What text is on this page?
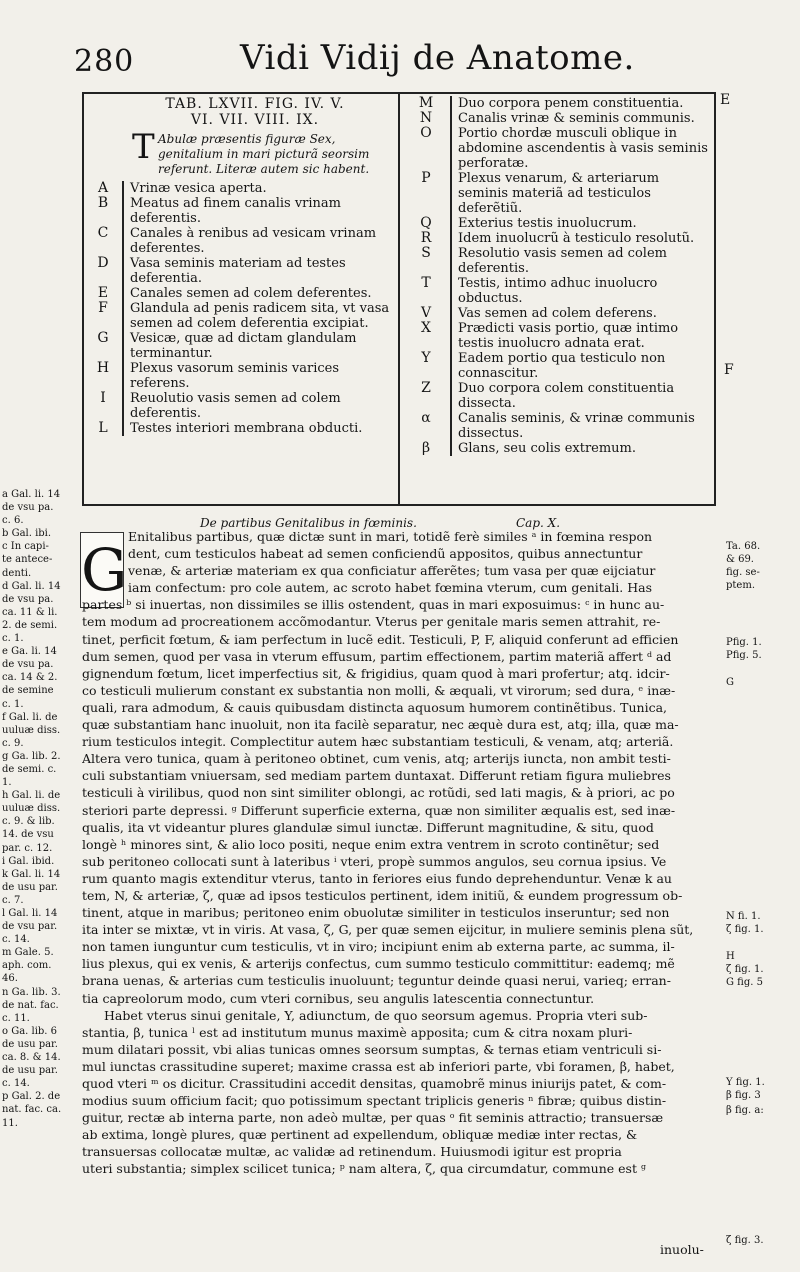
280	Vidi Vidij de Anatome.
E
F
TAB. LXVII. FIG. IV. V.
VI. VII. VIII. IX.
T Abulæ præsentis figuræ Sex, genitalium in mari picturã seorsim referunt. Literæ autem sic habent.
A	Vrinæ vesica aperta.
B	Meatus ad finem canalis vrinam deferentis.
C	Canales à renibus ad vesicam vrinam deferentes.
D	Vasa seminis materiam ad testes deferentia.
E	Canales semen ad colem deferentes.
F	Glandula ad penis radicem sita, vt vasa semen ad colem deferentia excipiat.
G	Vesicæ, quæ ad dictam glandulam terminantur.
H	Plexus vasorum seminis varices referens.
I	Reuolutio vasis semen ad colem deferentis.
L	Testes interiori membrana obducti.
M	Duo corpora penem constituentia.
N	Canalis vrinæ & seminis communis.
O	Portio chordæ musculi oblique in abdomine ascendentis à vasis seminis perforatæ.
P	Plexus venarum, & arteriarum seminis materiã ad testiculos deferẽtiũ.
Q	Exterius testis inuolucrum.
R	Idem inuolucrũ à testiculo resolutũ.
S	Resolutio vasis semen ad colem deferentis.
T	Testis, intimo adhuc inuolucro obductus.
V	Vas semen ad colem deferens.
X	Prædicti vasis portio, quæ intimo testis inuolucro adnata erat.
Y	Eadem portio qua testiculo non connascitur.
Z	Duo corpora colem constituentia dissecta.
α	Canalis seminis, & vrinæ communis dissectus.
β	Glans, seu colis extremum.
a Gal. li. 14
de vsu pa.
c. 6.
b Gal. ibi.
c In capi-
te antece-
denti.
d Gal. li. 14
de vsu pa.
ca. 11 & li.
2. de semi.
c. 1.
e Ga. li. 14
de vsu pa.
ca. 14 & 2.
de semine
c. 1.
f Gal. li. de
uuluæ diss.
c. 9.
g Ga. lib. 2.
de semi. c.
1.
h Gal. li. de
uuluæ diss.
c. 9. & lib.
14. de vsu
par. c. 12.
i Gal. ibid.
k Gal. li. 14
de usu par.
c. 7.
l Gal. li. 14
de vsu par.
c. 14.
m Gale. 5.
aph. com.
46.
n Ga. lib. 3.
de nat. fac.
c. 11.
o Ga. lib. 6
de usu par.
ca. 8. & 14.
de usu par.
c. 14.
p Gal. 2. de
nat. fac. ca.
11.
Ta. 68.
& 69.
fig. se-
ptem.
Pfig. 1.
Pfig. 5.
G
N fi. 1.
ζ fig. 1.
H
ζ fig. 1.
G fig. 5
Y fig. 1.
β fig. 3
β fig. a:
ζ fig. 3.
De partibus Genitalibus in fœminis.	Cap. X.
G Enitalibus partibus, quæ dictæ sunt in mari, totidẽ ferè similes ᵃ in fœmina respon
dent, cum testiculos habeat ad semen conficiendũ appositos, quibus annectuntur
venæ, & arteriæ materiam ex qua conficiatur afferẽtes; tum vasa per quæ eijciatur
iam confectum: pro cole autem, ac scroto habet fœmina vterum, cum genitali. Has
partes ᵇ si inuertas, non dissimiles se illis ostendent, quas in mari exposuimus: ᶜ in hunc au-
tem modum ad procreationem accõmodantur. Vterus per genitale maris semen attrahit, re-
tinet, perficit fœtum, & iam perfectum in lucẽ edit. Testiculi, P, F, aliquid conferunt ad efficien
dum semen, quod per vasa in vterum effusum, partim effectionem, partim materiã affert ᵈ ad
gignendum fœtum, licet imperfectius sit, & frigidius, quam quod à mari profertur; atq. idcir-
co testiculi mulierum constant ex substantia non molli, & æquali, vt virorum; sed dura, ᵉ inæ-
quali, rara admodum, & cauis quibusdam distincta aquosum humorem continẽtibus. Tunica,
quæ substantiam hanc inuoluit, non ita facilè separatur, nec æquè dura est, atq; illa, quæ ma-
rium testiculos integit. Complectitur autem hæc substantiam testiculi, & venam, atq; arteriã.
Altera vero tunica, quam à peritoneo obtinet, cum venis, atq; arterijs iuncta, non ambit testi-
culi substantiam vniuersam, sed mediam partem duntaxat. Differunt retiam figura muliebres
testiculi à virilibus, quod non sint similiter oblongi, ac rotũdi, sed lati magis, & à priori, ac po
steriori parte depressi. ᵍ Differunt superficie externa, quæ non similiter æqualis est, sed inæ-
qualis, ita vt videantur plures glandulæ simul iunctæ. Differunt magnitudine, & situ, quod
longè ʰ minores sint, & alio loco positi, neque enim extra ventrem in scroto continẽtur; sed
sub peritoneo collocati sunt à lateribus ⁱ vteri, propè summos angulos, seu cornua ipsius. Ve
rum quanto magis extenditur vterus, tanto in feriores eius fundo deprehenduntur. Venæ k au
tem, N, & arteriæ, ζ, quæ ad ipsos testiculos pertinent, idem initiũ, & eundem progressum ob-
tinent, atque in maribus; peritoneo enim obuolutæ similiter in testiculos inseruntur; sed non
ita inter se mixtæ, vt in viris. At vasa, ζ, G, per quæ semen eijcitur, in muliere seminis plena sũt,
non tamen iunguntur cum testiculis, vt in viro; incipiunt enim ab externa parte, ac summa, il-
lius plexus, qui ex venis, & arterijs confectus, cum summo testiculo committitur: eademq; mẽ
brana uenas, & arterias cum testiculis inuoluunt; teguntur deinde quasi nerui, varieq; erran-
tia capreolorum modo, cum vteri cornibus, seu angulis latescentia connectuntur.
Habet vterus sinui genitale, Y, adiunctum, de quo seorsum agemus. Propria vteri sub-
stantia, β, tunica ˡ est ad institutum munus maximè apposita; cum & citra noxam pluri-
mum dilatari possit, vbi alias tunicas omnes seorsum sumptas, & ternas etiam ventriculi si-
mul iunctas crassitudine superet; maxime crassa est ab inferiori parte, vbi foramen, β, habet,
quod vteri ᵐ os dicitur. Crassitudini accedit densitas, quamobrẽ minus iniurijs patet, & com-
modius suum officium facit; quo potissimum spectant triplicis generis ⁿ fibræ; quibus distin-
guitur, rectæ ab interna parte, non adeò multæ, per quas ᵒ fit seminis attractio; transuersæ
ab extima, longè plures, quæ pertinent ad expellendum, obliquæ mediæ inter rectas, &
transuersas collocatæ multæ, ac validæ ad retinendum. Huiusmodi igitur est propria
uteri substantia; simplex scilicet tunica; ᵖ nam altera, ζ, qua circumdatur, commune est ᵍ
inuolu-
